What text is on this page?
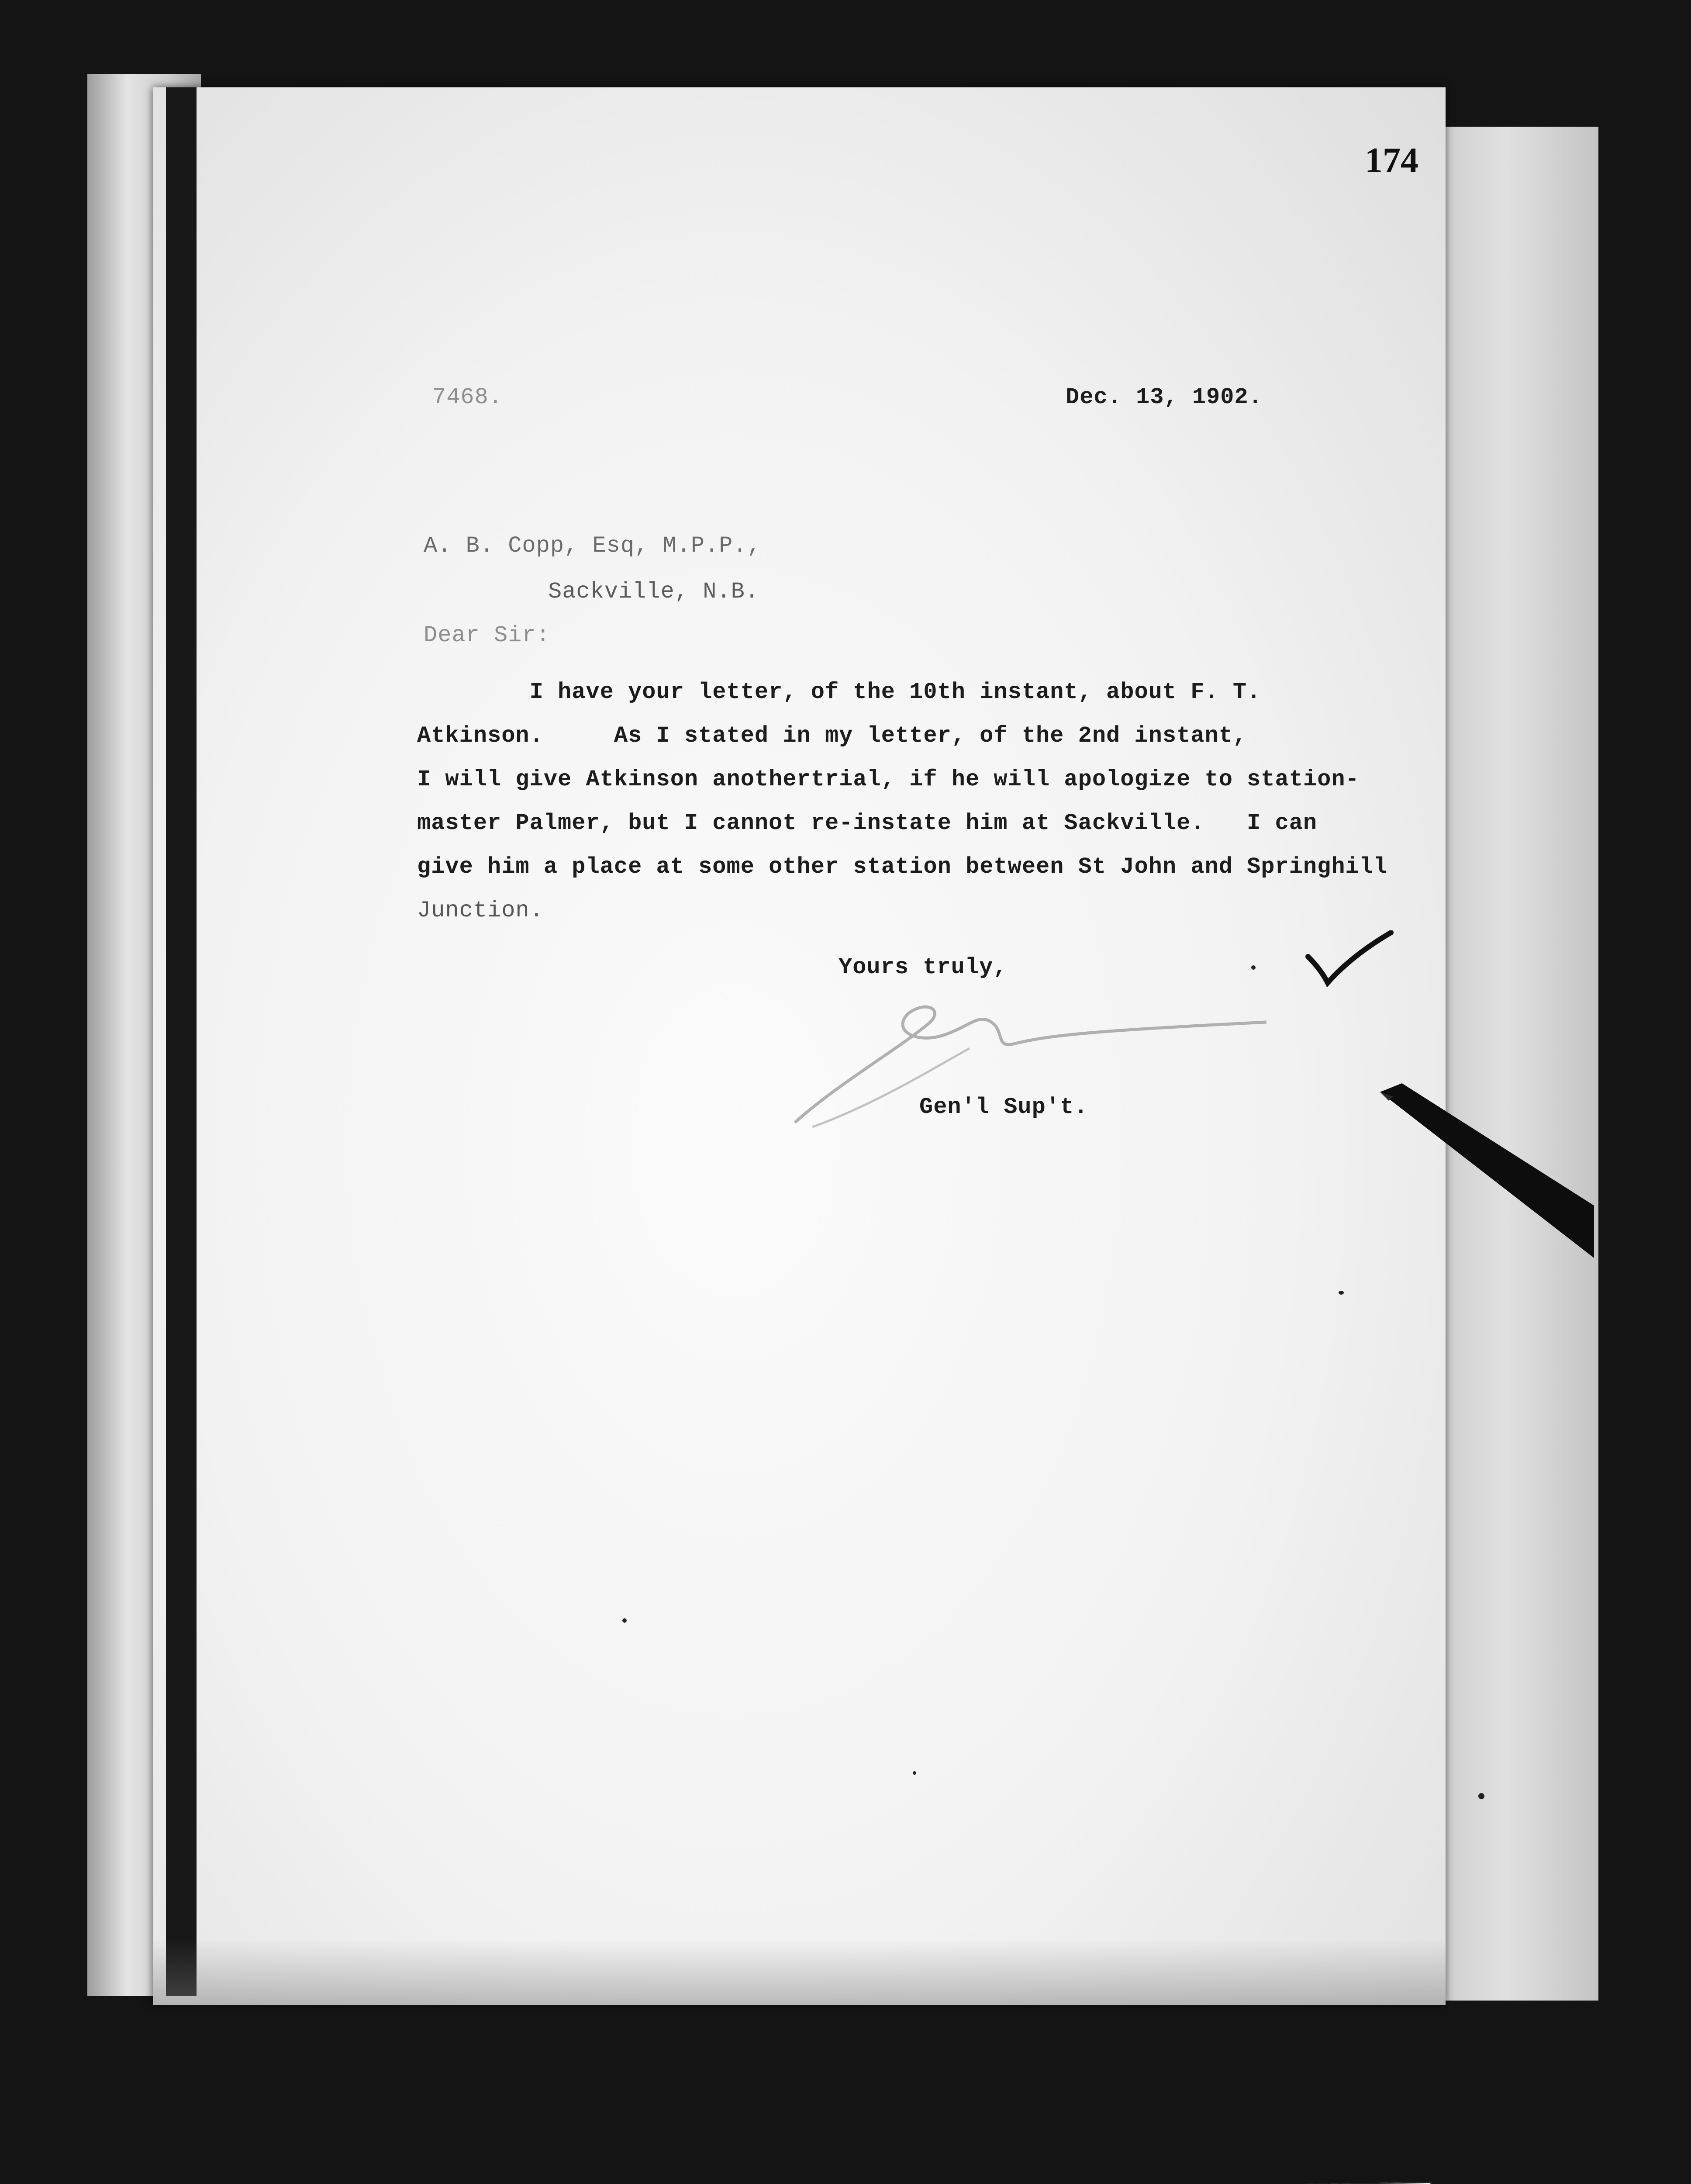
174
7468.	Dec. 13, 1902.
A. B. Copp, Esq, M.P.P.,
Sackville, N.B.
Dear Sir:
I have your letter, of the 10th instant, about F. T.
Atkinson.     As I stated in my letter, of the 2nd instant,
I will give Atkinson anothertrial, if he will apologize to station-
master Palmer, but I cannot re-instate him at Sackville.   I can
give him a place at some other station between St John and Springhill
Junction.
Yours truly,
Gen'l Sup't.
